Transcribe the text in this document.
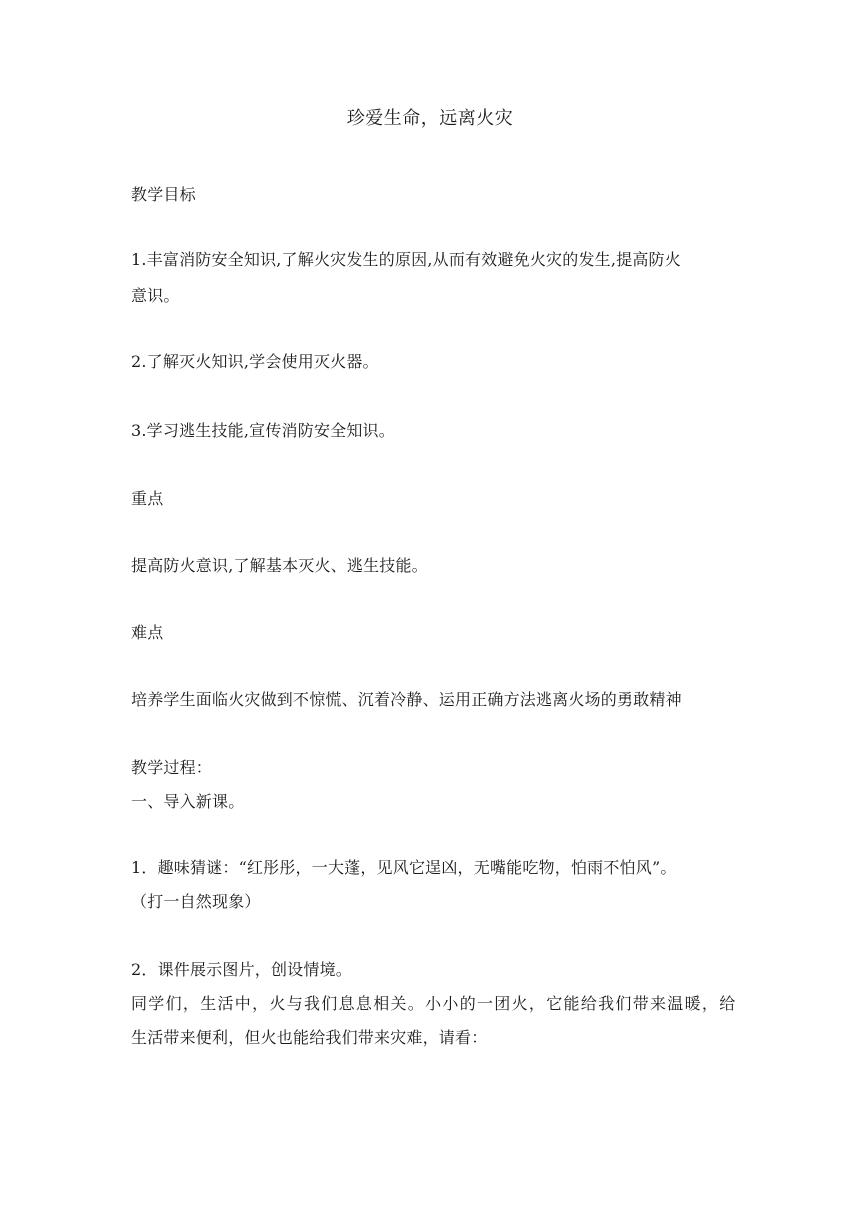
珍爱生命，远离火灾
教学目标
1.丰富消防安全知识,了解火灾发生的原因,从而有效避免火灾的发生,提高防火
意识。
2.了解灭火知识,学会使用灭火器。
3.学习逃生技能,宣传消防安全知识。
重点
提高防火意识,了解基本灭火、逃生技能。
难点
培养学生面临火灾做到不惊慌、沉着冷静、运用正确方法逃离火场的勇敢精神
教学过程：
一、导入新课。
1．趣味猜谜：“红彤彤，一大蓬，见风它逞凶，无嘴能吃物，怕雨不怕风”。
（打一自然现象）
2．课件展示图片，创设情境。
同学们，生活中，火与我们息息相关。小小的一团火，它能给我们带来温暖，给
生活带来便利，但火也能给我们带来灾难，请看：
